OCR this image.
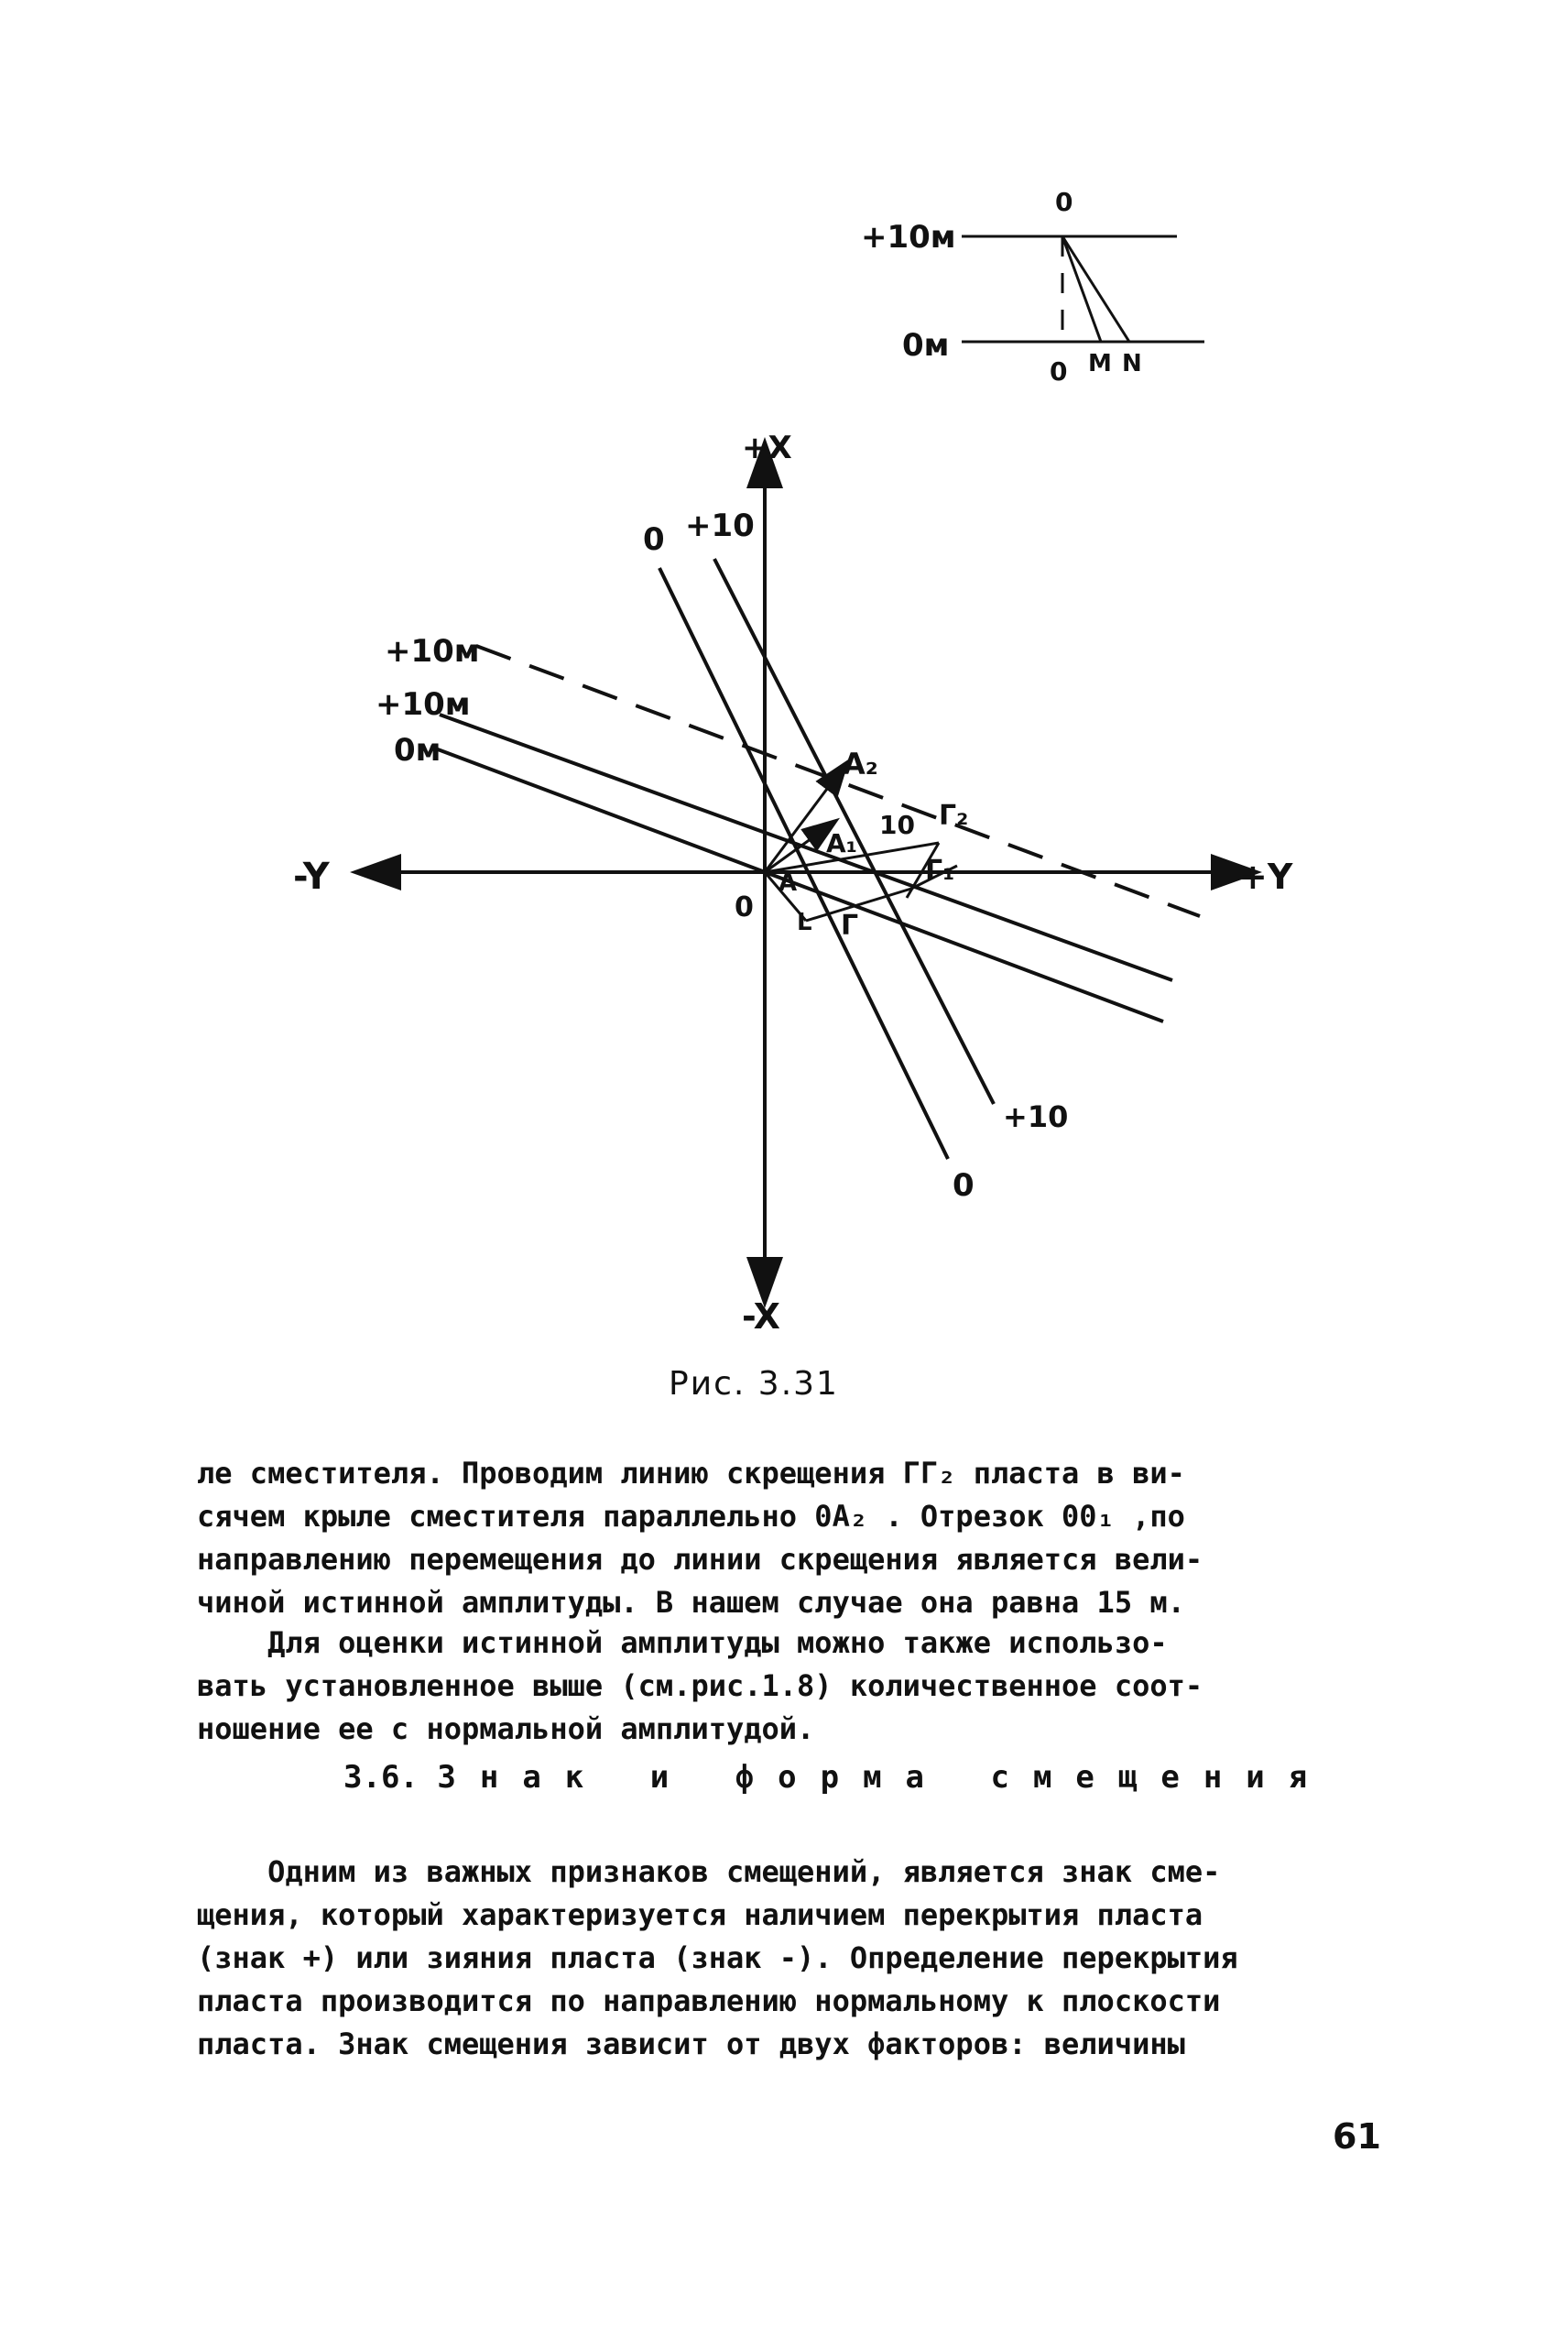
+10м
0м
0
0 M N
+X
-X
+Y
-Y
0
0 +10
+10м
+10м
0м
+10
0
A₂
A₁
10 Г₂
Г₁
А
L Г
Рис. 3.31

ле сместителя. Проводим линию скрещения ГГ₂ пласта в ви-
сячем крыле сместителя параллельно 0A₂ . Отрезок 00₁ ,по
направлению перемещения до линии скрещения является вели-
чиной истинной амплитуды. В нашем случае она равна 15 м.

Для оценки истинной амплитуды можно также использо-
вать установленное выше (см.рис.1.8) количественное соот-
ношение ее с нормальной амплитудой.

3.6. Знак и формa смещения

Одним из важных признаков смещений, является знак сме-
щения, который характеризуется наличием перекрытия пласта
(знак +) или зияния пласта (знак -). Определение перекрытия
пласта производится по направлению нормальному к плоскости
пласта. Знак смещения зависит от двух факторов: величины

61
